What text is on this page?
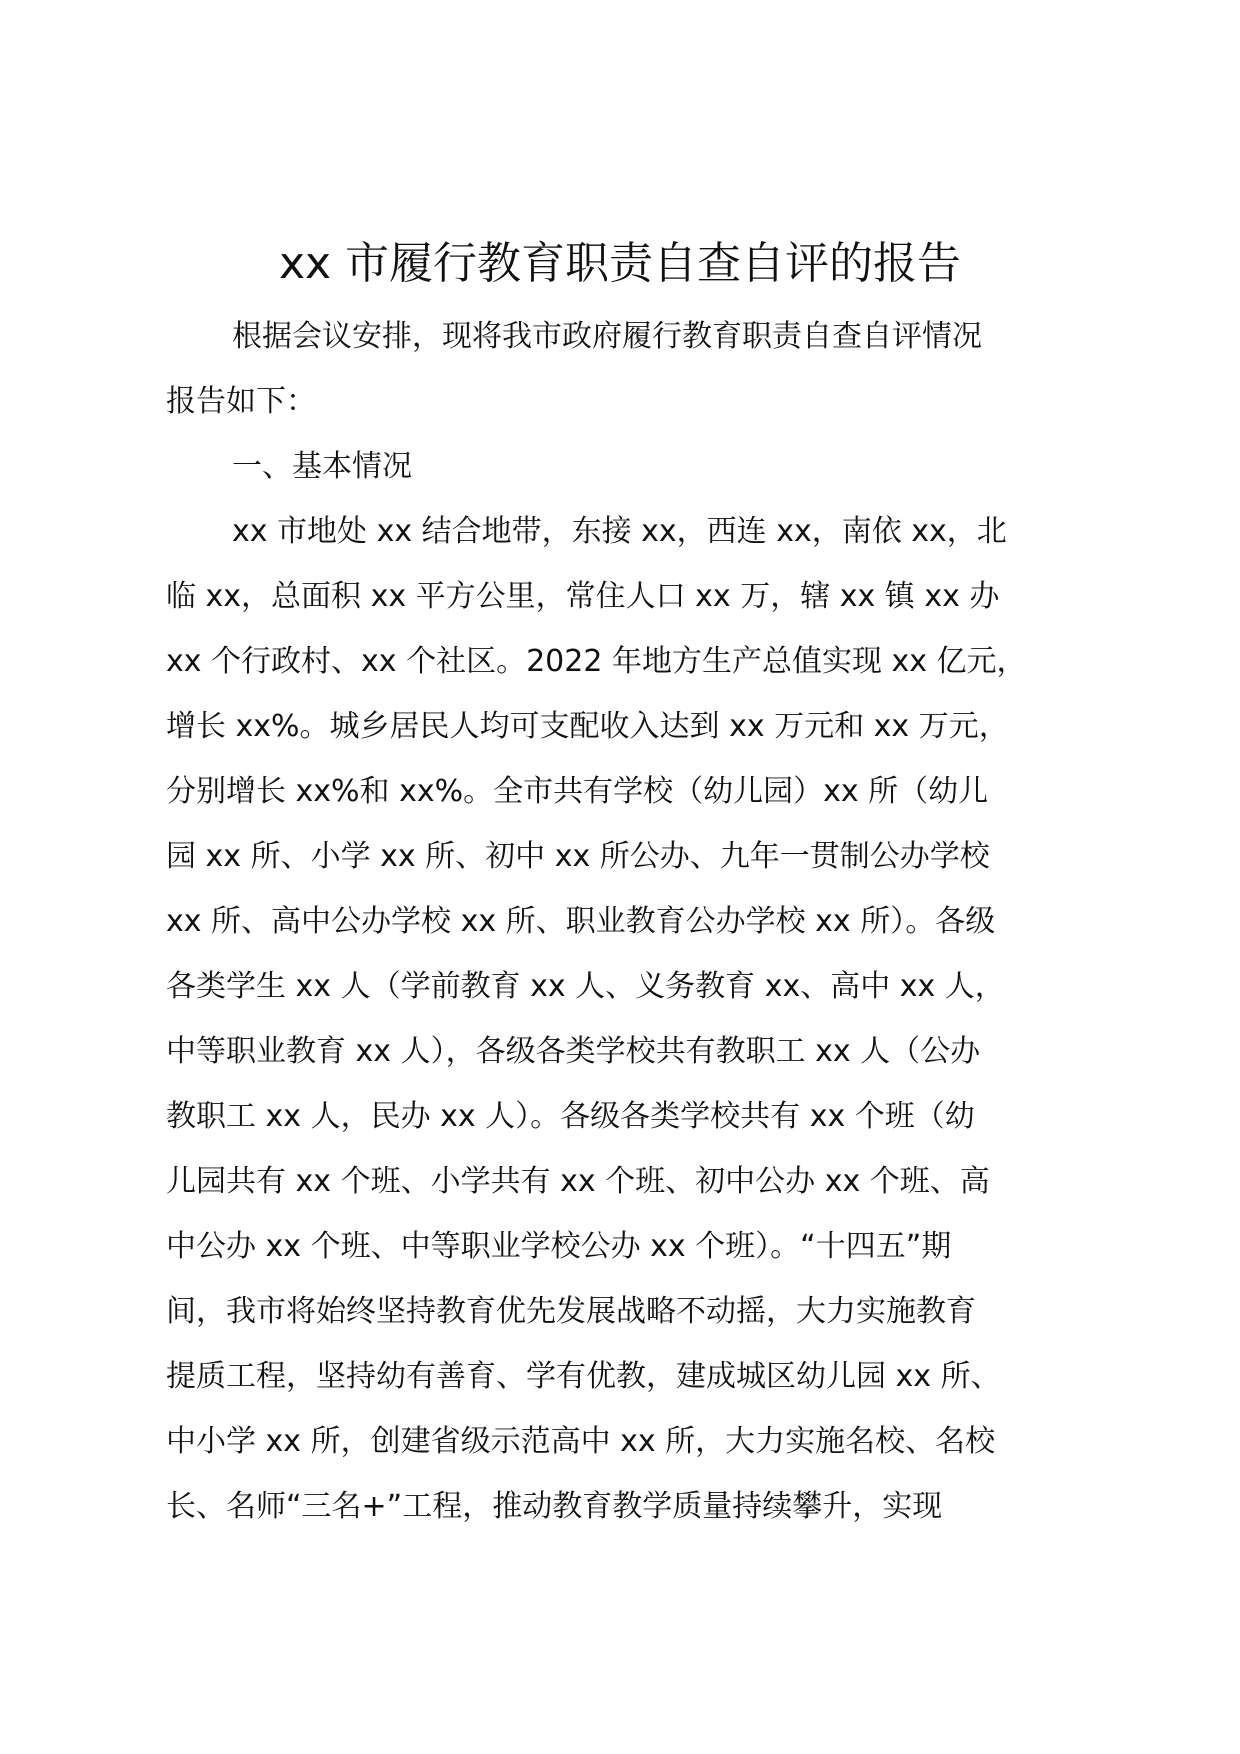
xx 市履行教育职责自查自评的报告
根据会议安排，现将我市政府履行教育职责自查自评情况
报告如下：
一、基本情况
xx 市地处 xx 结合地带，东接 xx，西连 xx，南依 xx，北
临 xx，总面积 xx 平方公里，常住人口 xx 万，辖 xx 镇 xx 办
xx 个行政村、xx 个社区。2022 年地方生产总值实现 xx 亿元，
增长 xx%。城乡居民人均可支配收入达到 xx 万元和 xx 万元，
分别增长 xx%和 xx%。全市共有学校（幼儿园）xx 所（幼儿
园 xx 所、小学 xx 所、初中 xx 所公办、九年一贯制公办学校
xx 所、高中公办学校 xx 所、职业教育公办学校 xx 所）。各级
各类学生 xx 人（学前教育 xx 人、义务教育 xx、高中 xx 人，
中等职业教育 xx 人），各级各类学校共有教职工 xx 人（公办
教职工 xx 人，民办 xx 人）。各级各类学校共有 xx 个班（幼
儿园共有 xx 个班、小学共有 xx 个班、初中公办 xx 个班、高
中公办 xx 个班、中等职业学校公办 xx 个班）。“十四五”期
间，我市将始终坚持教育优先发展战略不动摇，大力实施教育
提质工程，坚持幼有善育、学有优教，建成城区幼儿园 xx 所、
中小学 xx 所，创建省级示范高中 xx 所，大力实施名校、名校
长、名师“三名+”工程，推动教育教学质量持续攀升，实现
